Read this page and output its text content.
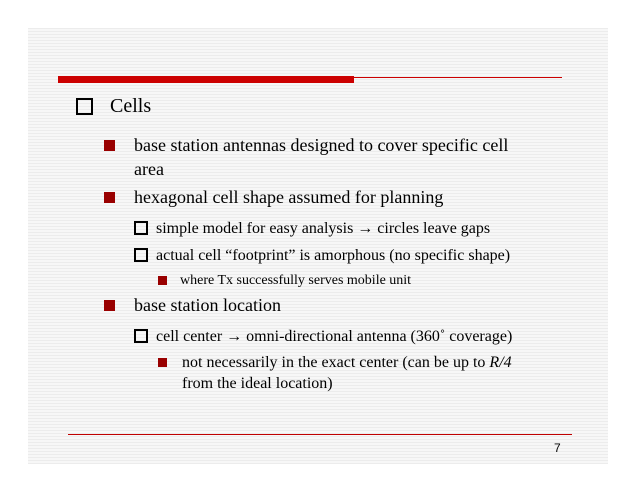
Cells
base station antennas designed to cover specific cell
area
hexagonal cell shape assumed for planning
simple model for easy analysis → circles leave gaps
actual cell “footprint” is amorphous (no specific shape)
where Tx successfully serves mobile unit
base station location
cell center → omni-directional antenna (360˚ coverage)
not necessarily in the exact center (can be up to R/4
from the ideal location)
7
